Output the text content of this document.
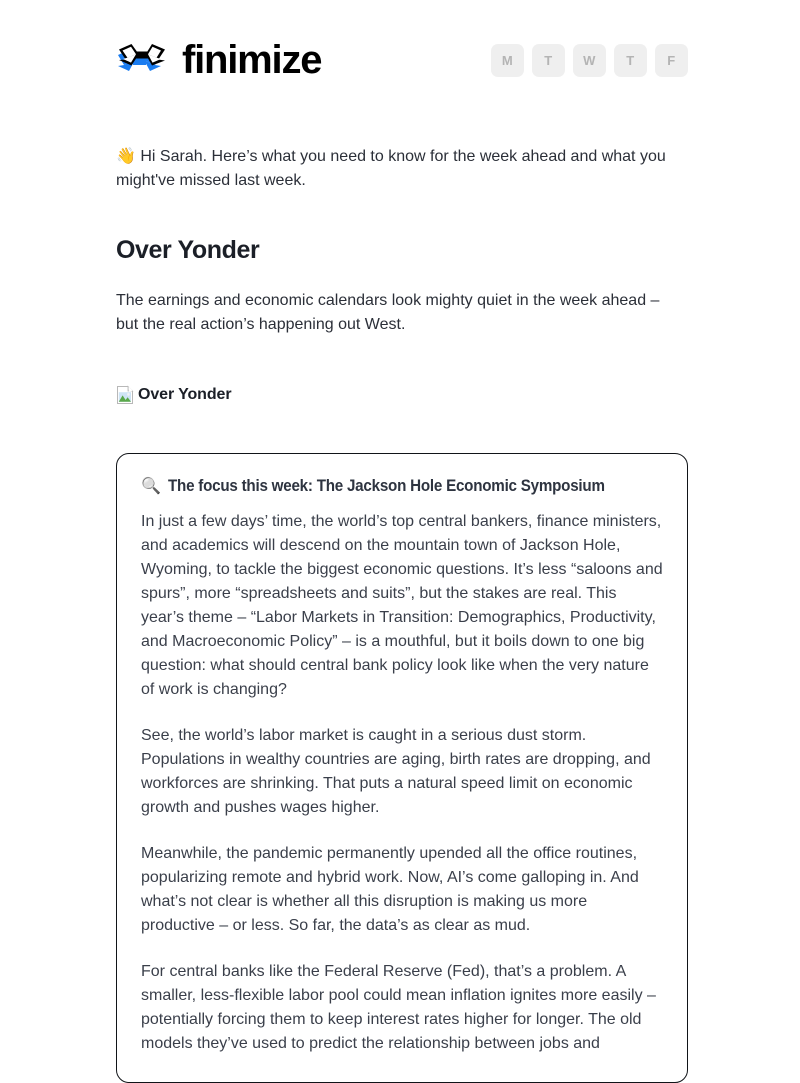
finimize	M	T	W	T	F

👋 Hi Sarah. Here’s what you need to know for the week ahead and what you might've missed last week.

Over Yonder

The earnings and economic calendars look mighty quiet in the week ahead – but the real action’s happening out West.

Over Yonder
🔍 The focus this week: The Jackson Hole Economic Symposium

In just a few days’ time, the world’s top central bankers, finance ministers, and academics will descend on the mountain town of Jackson Hole, Wyoming, to tackle the biggest economic questions. It’s less “saloons and spurs”, more “spreadsheets and suits”, but the stakes are real. This year’s theme – “Labor Markets in Transition: Demographics, Productivity, and Macroeconomic Policy” – is a mouthful, but it boils down to one big question: what should central bank policy look like when the very nature of work is changing?

See, the world’s labor market is caught in a serious dust storm. Populations in wealthy countries are aging, birth rates are dropping, and workforces are shrinking. That puts a natural speed limit on economic growth and pushes wages higher.

Meanwhile, the pandemic permanently upended all the office routines, popularizing remote and hybrid work. Now, AI’s come galloping in. And what’s not clear is whether all this disruption is making us more productive – or less. So far, the data’s as clear as mud.

For central banks like the Federal Reserve (Fed), that’s a problem. A smaller, less-flexible labor pool could mean inflation ignites more easily – potentially forcing them to keep interest rates higher for longer. The old models they’ve used to predict the relationship between jobs and
